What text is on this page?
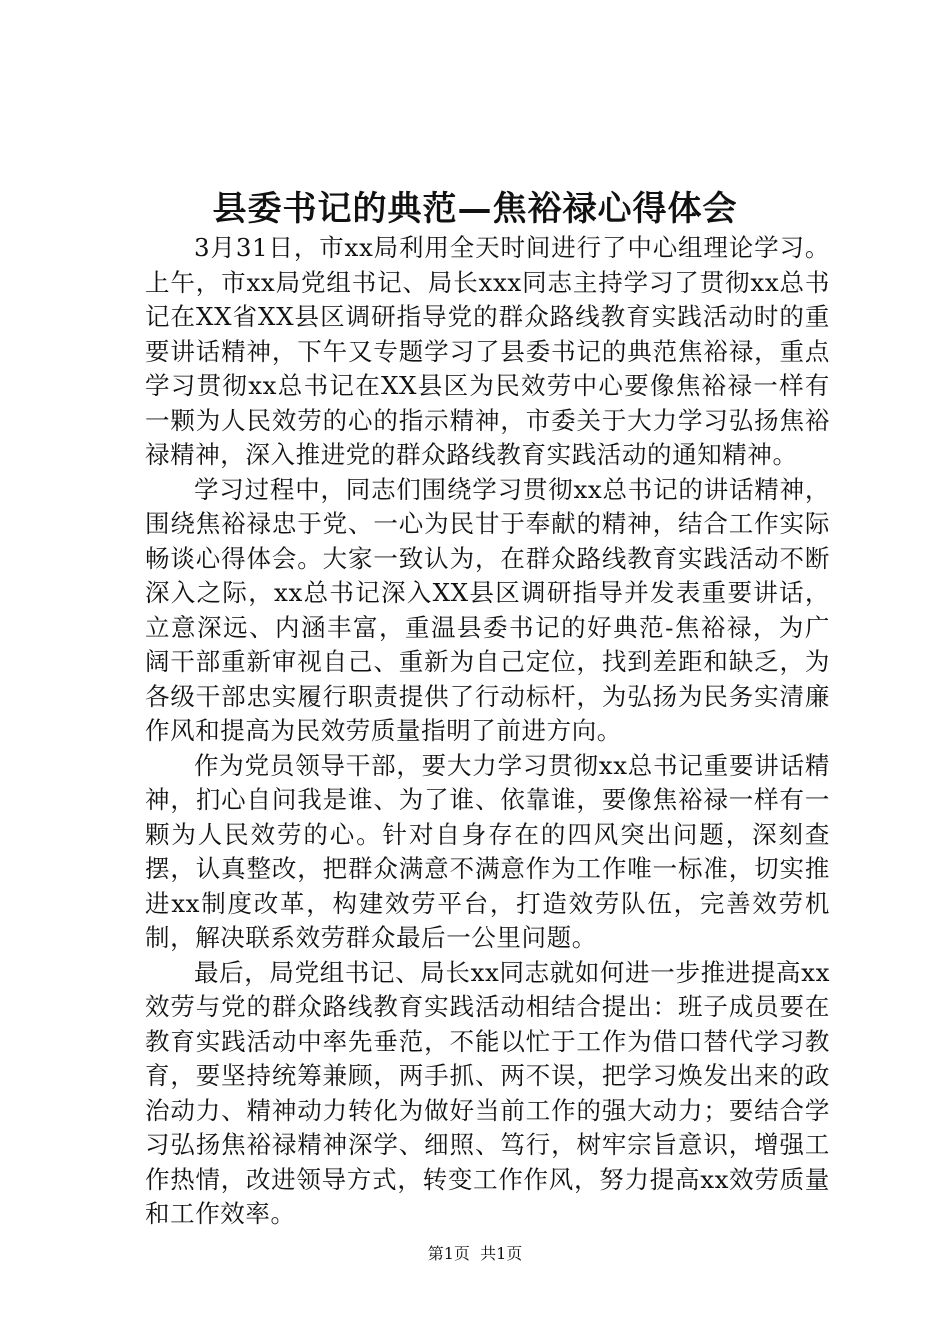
县委书记的典范—焦裕禄心得体会

3月31日，市xx局利用全天时间进行了中心组理论学习。上午，市xx局党组书记、局长xxx同志主持学习了贯彻xx总书记在XX省XX县区调研指导党的群众路线教育实践活动时的重要讲话精神，下午又专题学习了县委书记的典范焦裕禄，重点学习贯彻xx总书记在XX县区为民效劳中心要像焦裕禄一样有一颗为人民效劳的心的指示精神，市委关于大力学习弘扬焦裕禄精神，深入推进党的群众路线教育实践活动的通知精神。

学习过程中，同志们围绕学习贯彻xx总书记的讲话精神，围绕焦裕禄忠于党、一心为民甘于奉献的精神，结合工作实际畅谈心得体会。大家一致认为，在群众路线教育实践活动不断深入之际，xx总书记深入XX县区调研指导并发表重要讲话，立意深远、内涵丰富，重温县委书记的好典范-焦裕禄，为广阔干部重新审视自己、重新为自己定位，找到差距和缺乏，为各级干部忠实履行职责提供了行动标杆，为弘扬为民务实清廉作风和提高为民效劳质量指明了前进方向。

作为党员领导干部，要大力学习贯彻xx总书记重要讲话精神，扪心自问我是谁、为了谁、依靠谁，要像焦裕禄一样有一颗为人民效劳的心。针对自身存在的四风突出问题，深刻查摆，认真整改，把群众满意不满意作为工作唯一标准，切实推进xx制度改革，构建效劳平台，打造效劳队伍，完善效劳机制，解决联系效劳群众最后一公里问题。

最后，局党组书记、局长xx同志就如何进一步推进提高xx效劳与党的群众路线教育实践活动相结合提出：班子成员要在教育实践活动中率先垂范，不能以忙于工作为借口替代学习教育，要坚持统筹兼顾，两手抓、两不误，把学习焕发出来的政治动力、精神动力转化为做好当前工作的强大动力；要结合学习弘扬焦裕禄精神深学、细照、笃行，树牢宗旨意识，增强工作热情，改进领导方式，转变工作作风，努力提高xx效劳质量和工作效率。

第1页 共1页
